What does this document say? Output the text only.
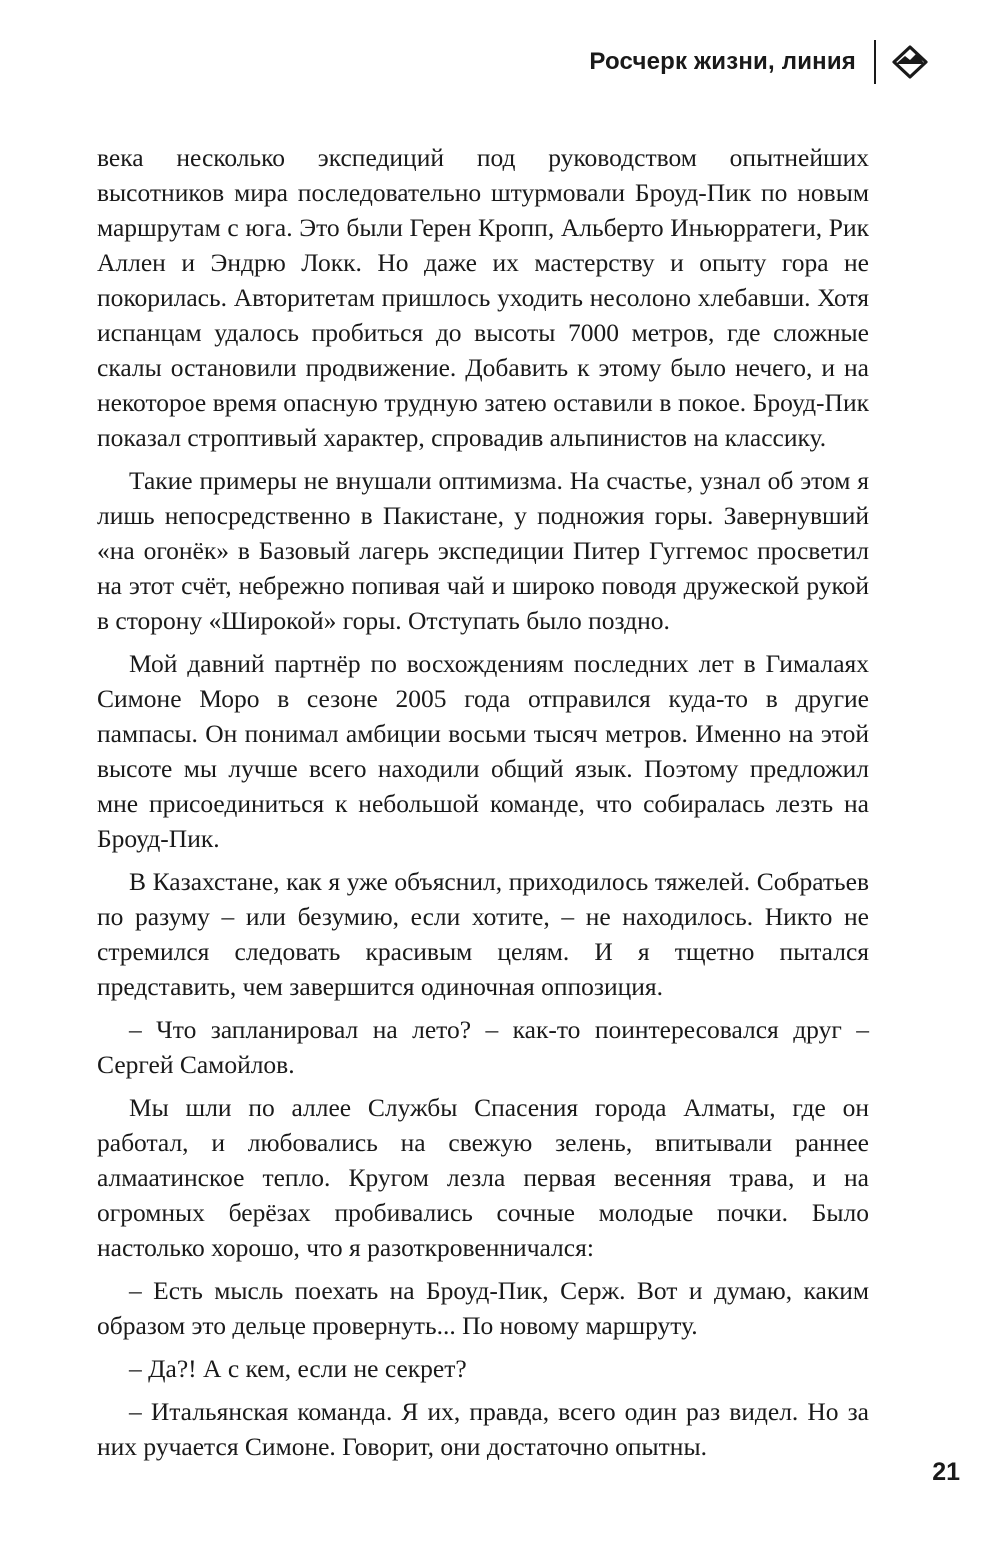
Росчерк жизни, линия

века несколько экспедиций под руководством опытнейших высотников мира последовательно штурмовали Броуд-Пик по новым маршрутам с юга. Это были Герен Кропп, Альберто Иньюрратеги, Рик Аллен и Эндрю Локк. Но даже их мастерству и опыту гора не покорилась. Авторитетам пришлось уходить несолоно хлебавши. Хотя испанцам удалось пробиться до высоты 7000 метров, где сложные скалы остановили продвижение. Добавить к этому было нечего, и на некоторое время опасную трудную затею оставили в покое. Броуд-Пик показал строптивый характер, спровадив альпинистов на классику.

Такие примеры не внушали оптимизма. На счастье, узнал об этом я лишь непосредственно в Пакистане, у подножия горы. Завернувший «на огонёк» в Базовый лагерь экспедиции Питер Гуггемос просветил на этот счёт, небрежно попивая чай и широко поводя дружеской рукой в сторону «Широкой» горы. Отступать было поздно.

Мой давний партнёр по восхождениям последних лет в Гималаях Симоне Моро в сезоне 2005 года отправился куда-то в другие пампасы. Он понимал амбиции восьми тысяч метров. Именно на этой высоте мы лучше всего находили общий язык. Поэтому предложил мне присоединиться к небольшой команде, что собиралась лезть на Броуд-Пик.

В Казахстане, как я уже объяснил, приходилось тяжелей. Собратьев по разуму – или безумию, если хотите, – не находилось. Никто не стремился следовать красивым целям. И я тщетно пытался представить, чем завершится одиночная оппозиция.

– Что запланировал на лето? – как-то поинтересовался друг – Сергей Самойлов.

Мы шли по аллее Службы Спасения города Алматы, где он работал, и любовались на свежую зелень, впитывали раннее алмаатинское тепло. Кругом лезла первая весенняя трава, и на огромных берёзах пробивались сочные молодые почки. Было настолько хорошо, что я разоткровенничался:

– Есть мысль поехать на Броуд-Пик, Серж. Вот и думаю, каким образом это дельце провернуть... По новому маршруту.

– Да?! А с кем, если не секрет?

– Итальянская команда. Я их, правда, всего один раз видел. Но за них ручается Симоне. Говорит, они достаточно опытны.

21
